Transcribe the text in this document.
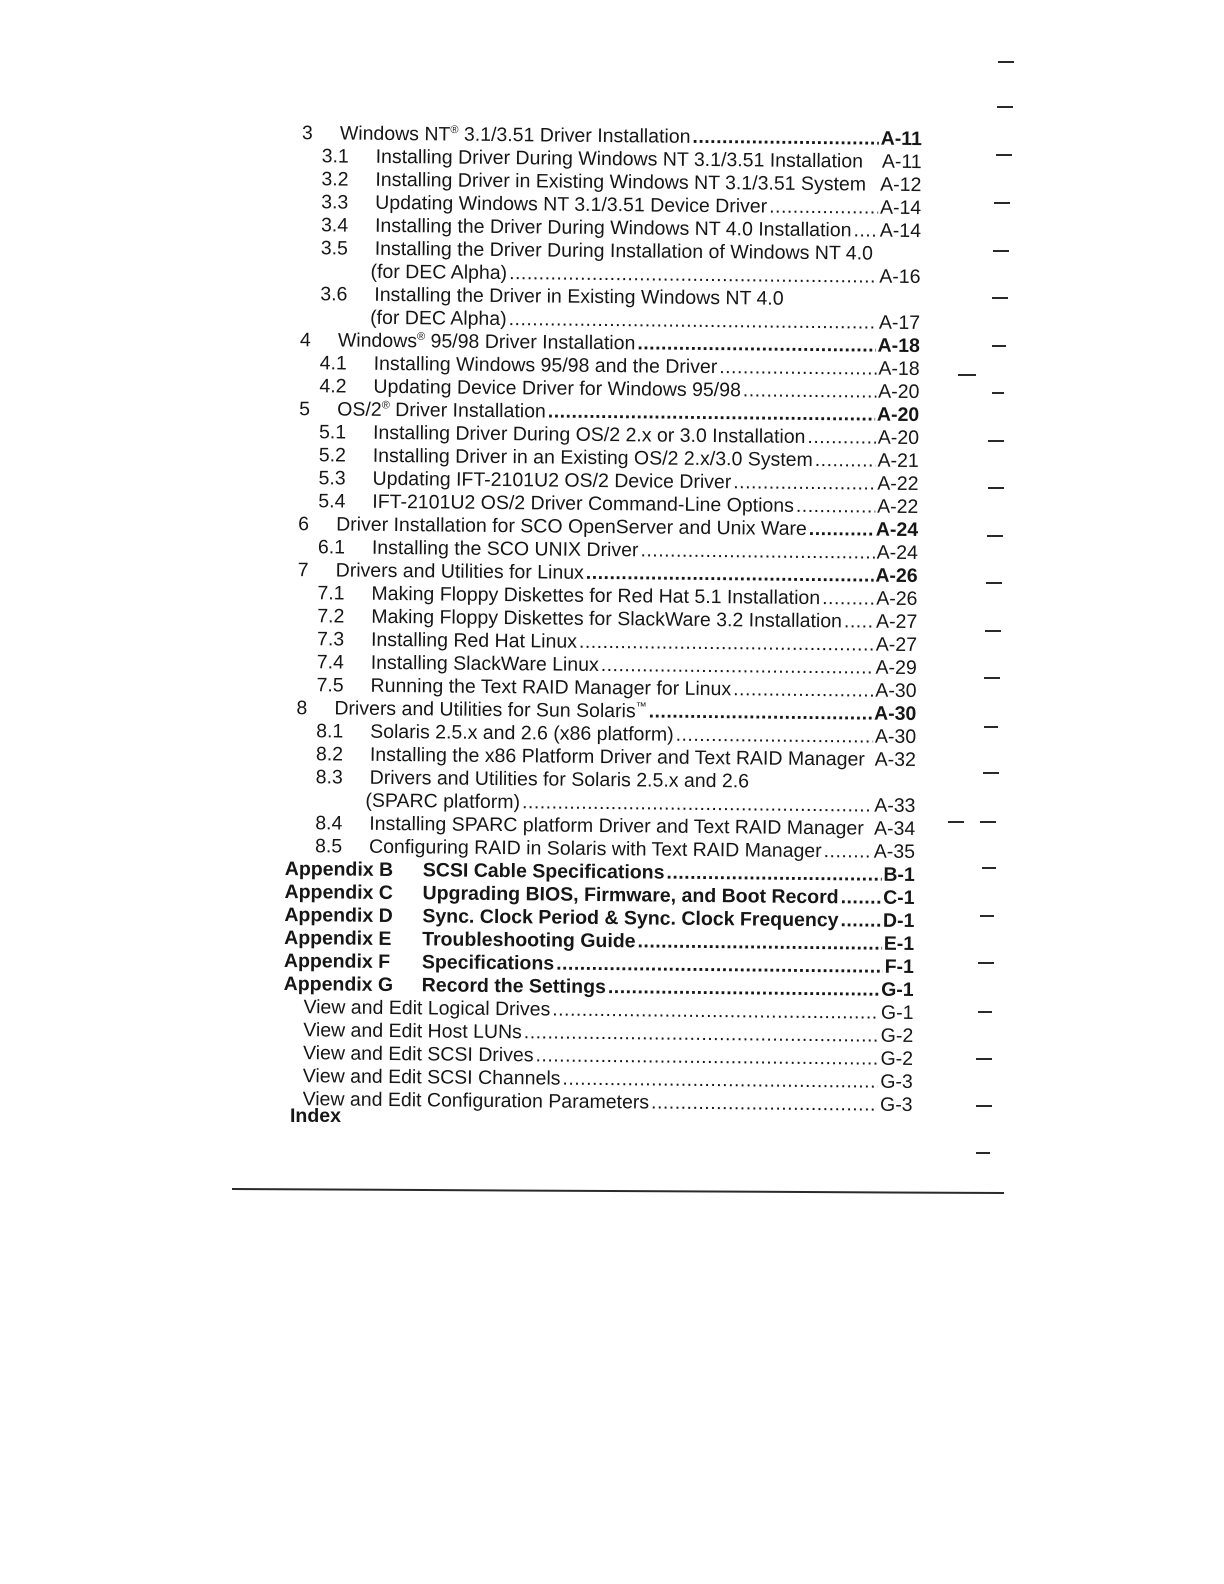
3 Windows NT® 3.1/3.51 Driver Installation .....	A-11
3.1 Installing Driver During Windows NT 3.1/3.51 Installation A-11
3.2 Installing Driver in Existing Windows NT 3.1/3.51 System A-12
3.3 Updating Windows NT 3.1/3.51 Device Driver .....	A-14
3.4 Installing the Driver During Windows NT 4.0 Installation ..... A-14
3.5 Installing the Driver During Installation of Windows NT 4.0
(for DEC Alpha) .....	A-16
3.6 Installing the Driver in Existing Windows NT 4.0
(for DEC Alpha) .....	A-17
4 Windows® 95/98 Driver Installation .....	A-18
4.1 Installing Windows 95/98 and the Driver .....	A-18
4.2 Updating Device Driver for Windows 95/98 .....	A-20
5 OS/2® Driver Installation .....	A-20
5.1 Installing Driver During OS/2 2.x or 3.0 Installation .....	A-20
5.2 Installing Driver in an Existing OS/2 2.x/3.0 System .....	A-21
5.3 Updating IFT-2101U2 OS/2 Device Driver .....	A-22
5.4 IFT-2101U2 OS/2 Driver Command-Line Options .....	A-22
6 Driver Installation for SCO OpenServer and Unix Ware .....	A-24
6.1 Installing the SCO UNIX Driver .....	A-24
7 Drivers and Utilities for Linux .....	A-26
7.1 Making Floppy Diskettes for Red Hat 5.1 Installation .....	A-26
7.2 Making Floppy Diskettes for SlackWare 3.2 Installation ..... A-27
7.3 Installing Red Hat Linux .....	A-27
7.4 Installing SlackWare Linux .....	A-29
7.5 Running the Text RAID Manager for Linux .....	A-30
8 Drivers and Utilities for Sun Solaris™ .....	A-30
8.1 Solaris 2.5.x and 2.6 (x86 platform) .....	A-30
8.2 Installing the x86 Platform Driver and Text RAID Manager A-32
8.3 Drivers and Utilities for Solaris 2.5.x and 2.6
(SPARC platform) .....	A-33
8.4 Installing SPARC platform Driver and Text RAID Manager A-34
8.5 Configuring RAID in Solaris with Text RAID Manager .....	A-35
Appendix B SCSI Cable Specifications .....	B-1
Appendix C Upgrading BIOS, Firmware, and Boot Record ..... C-1
Appendix D Sync. Clock Period & Sync. Clock Frequency ..... D-1
Appendix E Troubleshooting Guide .....	E-1
Appendix F Specifications .....	F-1
Appendix G Record the Settings .....	G-1
View and Edit Logical Drives .....	G-1
View and Edit Host LUNs .....	G-2
View and Edit SCSI Drives .....	G-2
View and Edit SCSI Channels .....	G-3
View and Edit Configuration Parameters .....	G-3
Index
